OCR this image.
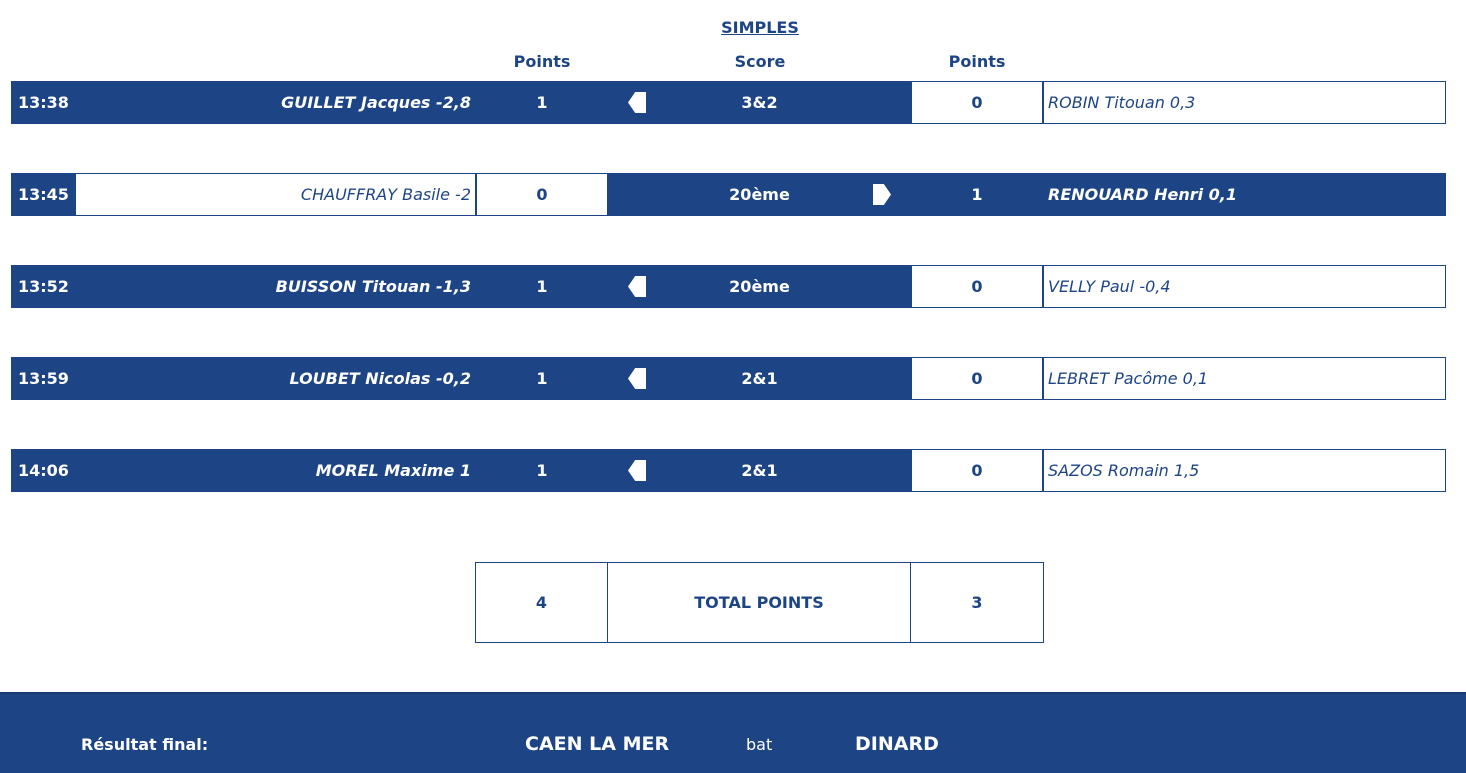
SIMPLES
Points	Score	Points
13:38	GUILLET Jacques -2,8	1	3&2	0	ROBIN Titouan 0,3
13:45	CHAUFFRAY Basile -2	0	20ème	1	RENOUARD Henri 0,1
13:52	BUISSON Titouan -1,3	1	20ème	0	VELLY Paul -0,4
13:59	LOUBET Nicolas -0,2	1	2&1	0	LEBRET Pacôme 0,1
14:06	MOREL Maxime 1	1	2&1	0	SAZOS Romain 1,5
4	TOTAL POINTS	3
Résultat final:	CAEN LA MER	bat	DINARD
